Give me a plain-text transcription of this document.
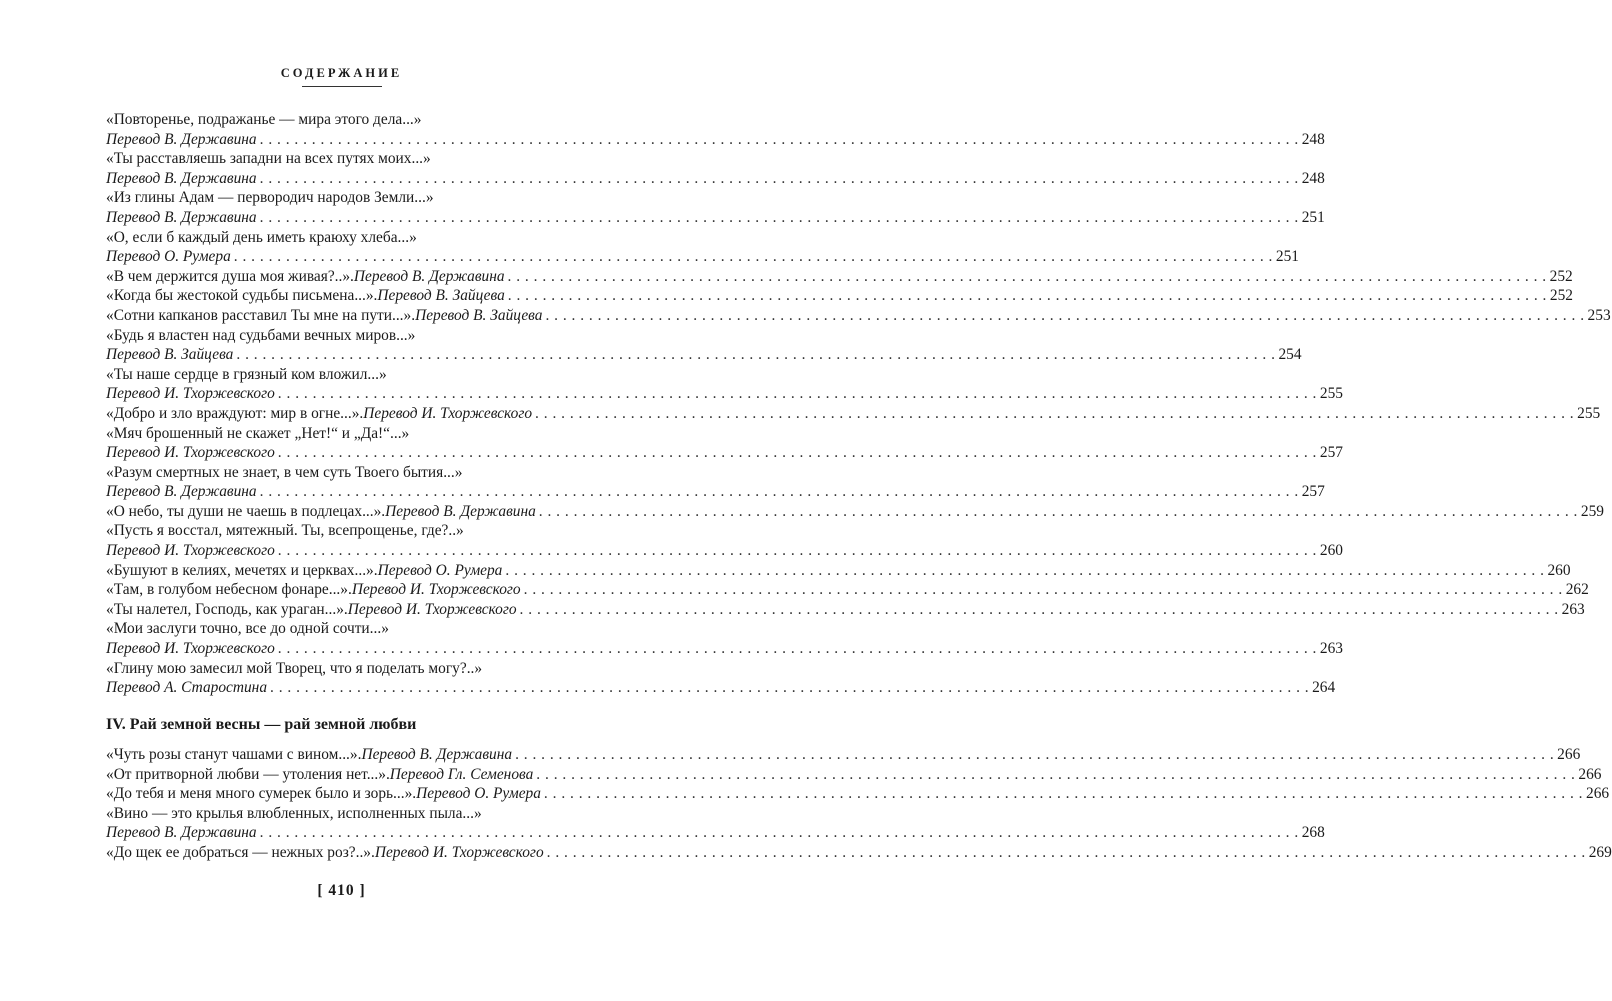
СОДЕРЖАНИЕ
«Повторенье, подражанье — мира этого дела...»
Перевод В. Державина . . . . . . . . . . . . . . . . . . . . . . . . . . . . . . . . . . . . . . . . . . . . . . . . . . . . . . . . . . . . . . . . . . . . . . . . . . . . . . . . . . . . . . . . . . . . . . . . . . . . . . . . . . . . . . . . . . . . . . . . 248
«Ты расставляешь западни на всех путях моих...»
Перевод В. Державина . . . . . . . . . . . . . . . . . . . . . . . . . . . . . . . . . . . . . . . . . . . . . . . . . . . . . . . . . . . . . . . . . . . . . . . . . . . . . . . . . . . . . . . . . . . . . . . . . . . . . . . . . . . . . . . . . . . . . . . . 248
«Из глины Адам — первородич народов Земли...»
Перевод В. Державина . . . . . . . . . . . . . . . . . . . . . . . . . . . . . . . . . . . . . . . . . . . . . . . . . . . . . . . . . . . . . . . . . . . . . . . . . . . . . . . . . . . . . . . . . . . . . . . . . . . . . . . . . . . . . . . . . . . . . . . . 251
«О, если б каждый день иметь краюху хлеба...»
Перевод О. Румера . . . . . . . . . . . . . . . . . . . . . . . . . . . . . . . . . . . . . . . . . . . . . . . . . . . . . . . . . . . . . . . . . . . . . . . . . . . . . . . . . . . . . . . . . . . . . . . . . . . . . . . . . . . . . . . . . . . . . . . . 251
«В чем держится душа моя живая?..». Перевод В. Державина . . . . . . . . . . . . . . . . . . . . . . . . . . . . . . . . . . . . . . . . . . . . . . . . . . . . . . . . . . . . . . . . . . . . . . . . . . . . . . . . . . . . . . . . . . . . . . . . . . . . . . . . . . . . . . . . . . . . . . . . 252
«Когда бы жестокой судьбы письмена...». Перевод В. Зайцева . . . . . . . . . . . . . . . . . . . . . . . . . . . . . . . . . . . . . . . . . . . . . . . . . . . . . . . . . . . . . . . . . . . . . . . . . . . . . . . . . . . . . . . . . . . . . . . . . . . . . . . . . . . . . . . . . . . . . . . . 252
«Сотни капканов расставил Ты мне на пути...». Перевод В. Зайцева . . . . . . . . . . . . . . . . . . . . . . . . . . . . . . . . . . . . . . . . . . . . . . . . . . . . . . . . . . . . . . . . . . . . . . . . . . . . . . . . . . . . . . . . . . . . . . . . . . . . . . . . . . . . . . . . . . . . . . . . 253
«Будь я властен над судьбами вечных миров...»
Перевод В. Зайцева . . . . . . . . . . . . . . . . . . . . . . . . . . . . . . . . . . . . . . . . . . . . . . . . . . . . . . . . . . . . . . . . . . . . . . . . . . . . . . . . . . . . . . . . . . . . . . . . . . . . . . . . . . . . . . . . . . . . . . . . 254
«Ты наше сердце в грязный ком вложил...»
Перевод И. Тхоржевского . . . . . . . . . . . . . . . . . . . . . . . . . . . . . . . . . . . . . . . . . . . . . . . . . . . . . . . . . . . . . . . . . . . . . . . . . . . . . . . . . . . . . . . . . . . . . . . . . . . . . . . . . . . . . . . . . . . . . . . . 255
«Добро и зло враждуют: мир в огне...». Перевод И. Тхоржевского . . . . . . . . . . . . . . . . . . . . . . . . . . . . . . . . . . . . . . . . . . . . . . . . . . . . . . . . . . . . . . . . . . . . . . . . . . . . . . . . . . . . . . . . . . . . . . . . . . . . . . . . . . . . . . . . . . . . . . . . 255
«Мяч брошенный не скажет „Нет!“ и „Да!“...»
Перевод И. Тхоржевского . . . . . . . . . . . . . . . . . . . . . . . . . . . . . . . . . . . . . . . . . . . . . . . . . . . . . . . . . . . . . . . . . . . . . . . . . . . . . . . . . . . . . . . . . . . . . . . . . . . . . . . . . . . . . . . . . . . . . . . . 257
«Разум смертных не знает, в чем суть Твоего бытия...»
Перевод В. Державина . . . . . . . . . . . . . . . . . . . . . . . . . . . . . . . . . . . . . . . . . . . . . . . . . . . . . . . . . . . . . . . . . . . . . . . . . . . . . . . . . . . . . . . . . . . . . . . . . . . . . . . . . . . . . . . . . . . . . . . . 257
«О небо, ты души не чаешь в подлецах...». Перевод В. Державина . . . . . . . . . . . . . . . . . . . . . . . . . . . . . . . . . . . . . . . . . . . . . . . . . . . . . . . . . . . . . . . . . . . . . . . . . . . . . . . . . . . . . . . . . . . . . . . . . . . . . . . . . . . . . . . . . . . . . . . . 259
«Пусть я восстал, мятежный. Ты, всепрощенье, где?..»
Перевод И. Тхоржевского . . . . . . . . . . . . . . . . . . . . . . . . . . . . . . . . . . . . . . . . . . . . . . . . . . . . . . . . . . . . . . . . . . . . . . . . . . . . . . . . . . . . . . . . . . . . . . . . . . . . . . . . . . . . . . . . . . . . . . . . 260
«Бушуют в келиях, мечетях и церквах...». Перевод О. Румера . . . . . . . . . . . . . . . . . . . . . . . . . . . . . . . . . . . . . . . . . . . . . . . . . . . . . . . . . . . . . . . . . . . . . . . . . . . . . . . . . . . . . . . . . . . . . . . . . . . . . . . . . . . . . . . . . . . . . . . . 260
«Там, в голубом небесном фонаре...». Перевод И. Тхоржевского . . . . . . . . . . . . . . . . . . . . . . . . . . . . . . . . . . . . . . . . . . . . . . . . . . . . . . . . . . . . . . . . . . . . . . . . . . . . . . . . . . . . . . . . . . . . . . . . . . . . . . . . . . . . . . . . . . . . . . . . 262
«Ты налетел, Господь, как ураган...». Перевод И. Тхоржевского . . . . . . . . . . . . . . . . . . . . . . . . . . . . . . . . . . . . . . . . . . . . . . . . . . . . . . . . . . . . . . . . . . . . . . . . . . . . . . . . . . . . . . . . . . . . . . . . . . . . . . . . . . . . . . . . . . . . . . . . 263
«Мои заслуги точно, все до одной сочти...»
Перевод И. Тхоржевского . . . . . . . . . . . . . . . . . . . . . . . . . . . . . . . . . . . . . . . . . . . . . . . . . . . . . . . . . . . . . . . . . . . . . . . . . . . . . . . . . . . . . . . . . . . . . . . . . . . . . . . . . . . . . . . . . . . . . . . . 263
«Глину мою замесил мой Творец, что я поделать могу?..»
Перевод А. Старостина . . . . . . . . . . . . . . . . . . . . . . . . . . . . . . . . . . . . . . . . . . . . . . . . . . . . . . . . . . . . . . . . . . . . . . . . . . . . . . . . . . . . . . . . . . . . . . . . . . . . . . . . . . . . . . . . . . . . . . . . 264
IV. Рай земной весны — рай земной любви
«Чуть розы станут чашами с вином...». Перевод В. Державина . . . . . . . . . . . . . . . . . . . . . . . . . . . . . . . . . . . . . . . . . . . . . . . . . . . . . . . . . . . . . . . . . . . . . . . . . . . . . . . . . . . . . . . . . . . . . . . . . . . . . . . . . . . . . . . . . . . . . . . . 266
«От притворной любви — утоления нет...». Перевод Гл. Семенова . . . . . . . . . . . . . . . . . . . . . . . . . . . . . . . . . . . . . . . . . . . . . . . . . . . . . . . . . . . . . . . . . . . . . . . . . . . . . . . . . . . . . . . . . . . . . . . . . . . . . . . . . . . . . . . . . . . . . . . . 266
«До тебя и меня много сумерек было и зорь...». Перевод О. Румера . . . . . . . . . . . . . . . . . . . . . . . . . . . . . . . . . . . . . . . . . . . . . . . . . . . . . . . . . . . . . . . . . . . . . . . . . . . . . . . . . . . . . . . . . . . . . . . . . . . . . . . . . . . . . . . . . . . . . . . . 266
«Вино — это крылья влюбленных, исполненных пыла...»
Перевод В. Державина . . . . . . . . . . . . . . . . . . . . . . . . . . . . . . . . . . . . . . . . . . . . . . . . . . . . . . . . . . . . . . . . . . . . . . . . . . . . . . . . . . . . . . . . . . . . . . . . . . . . . . . . . . . . . . . . . . . . . . . . 268
«До щек ее добраться — нежных роз?..». Перевод И. Тхоржевского . . . . . . . . . . . . . . . . . . . . . . . . . . . . . . . . . . . . . . . . . . . . . . . . . . . . . . . . . . . . . . . . . . . . . . . . . . . . . . . . . . . . . . . . . . . . . . . . . . . . . . . . . . . . . . . . . . . . . . . . 269
[ 410 ]
